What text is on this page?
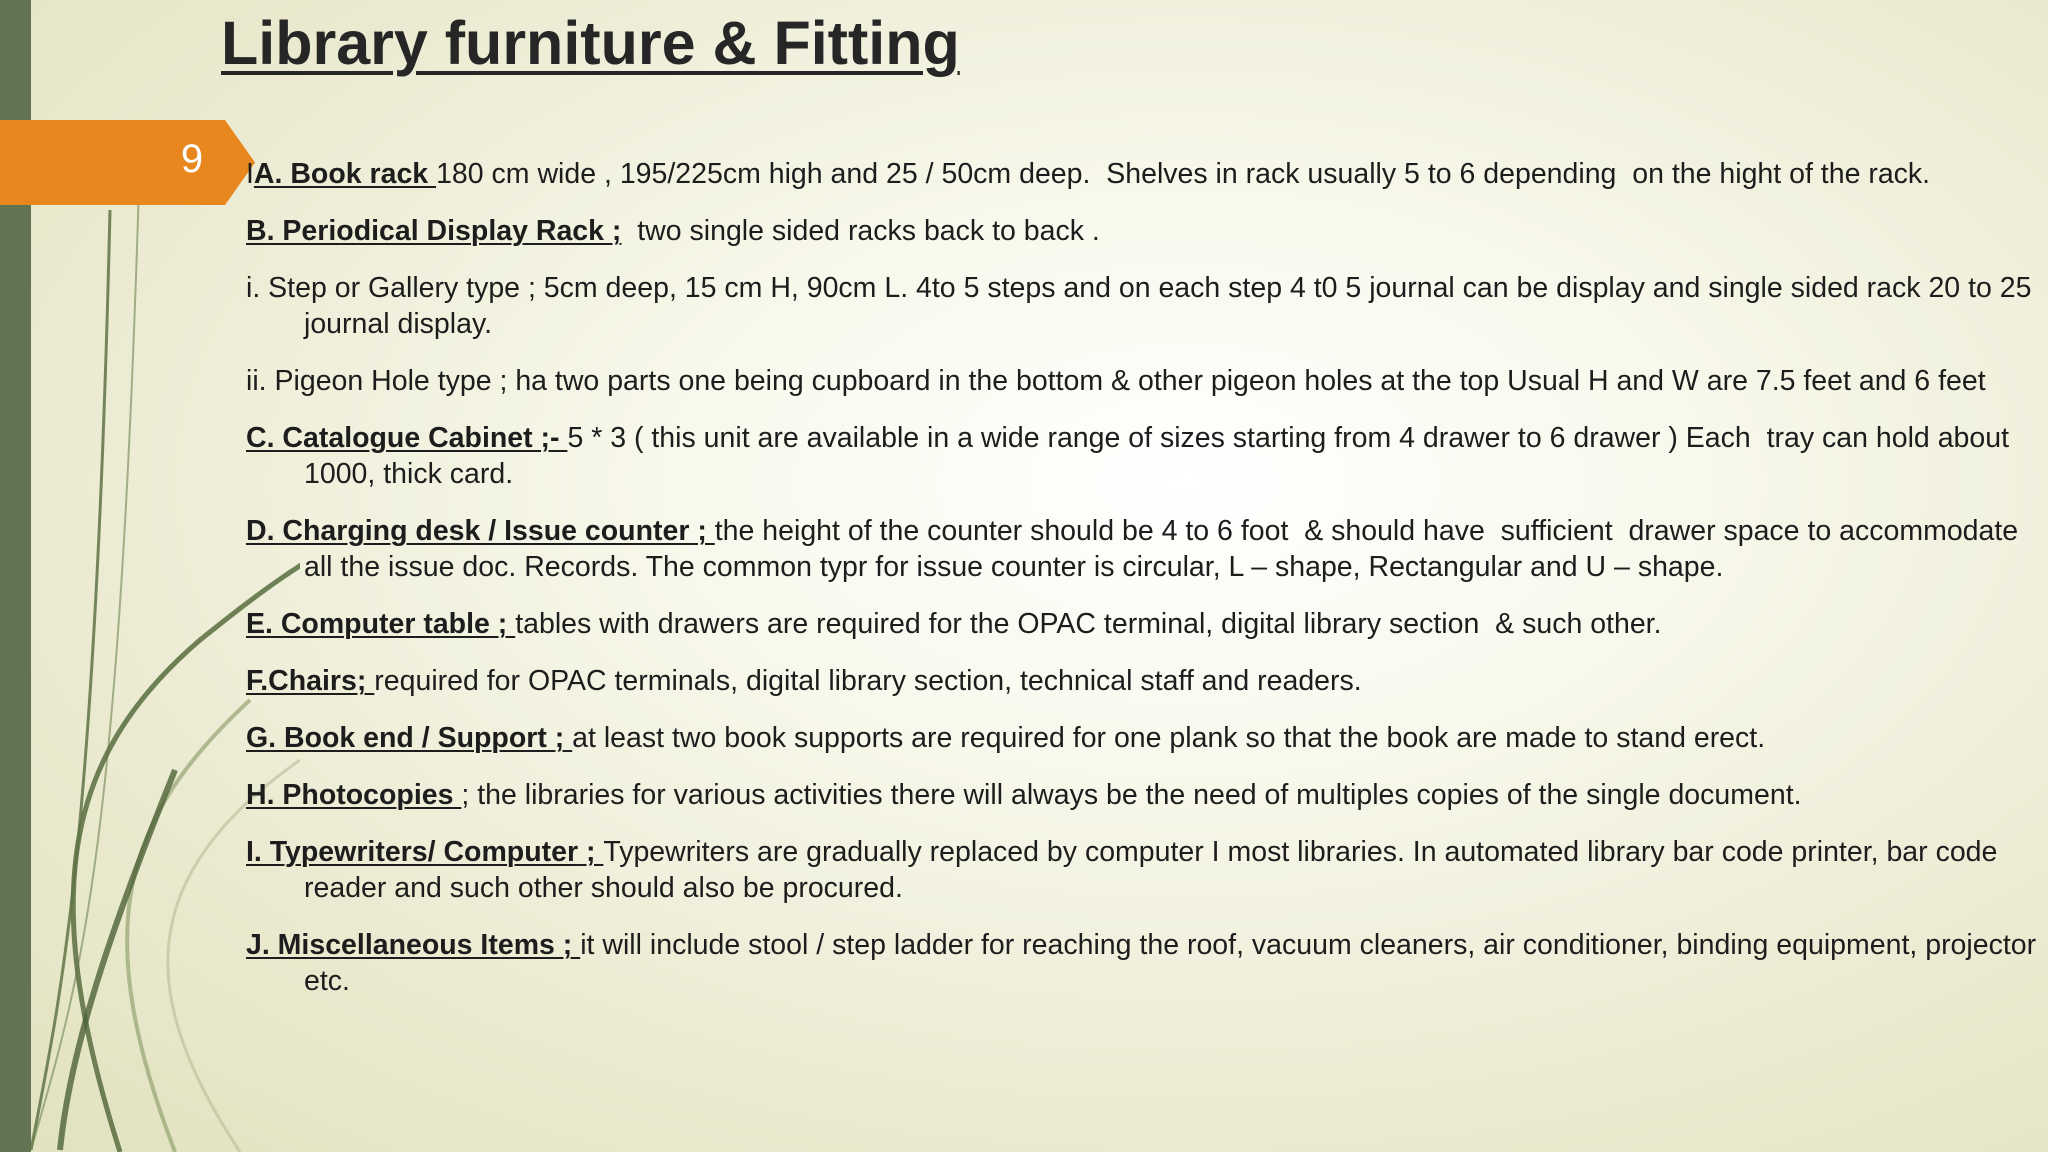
Library furniture & Fitting
9	IA. Book rack 180 cm wide , 195/225cm high and 25 / 50cm deep.  Shelves in rack usually 5 to 6 depending  on the hight of the rack.

B. Periodical Display Rack ;  two single sided racks back to back .

i. Step or Gallery type ; 5cm deep, 15 cm H, 90cm L. 4to 5 steps and on each step 4 t0 5 journal can be display and single sided rack 20 to 25 journal display.

ii. Pigeon Hole type ; ha two parts one being cupboard in the bottom & other pigeon holes at the top Usual H and W are 7.5 feet and 6 feet

C. Catalogue Cabinet ;- 5 * 3 ( this unit are available in a wide range of sizes starting from 4 drawer to 6 drawer ) Each  tray can hold about 1000, thick card.

D. Charging desk / Issue counter ; the height of the counter should be 4 to 6 foot  & should have  sufficient  drawer space to accommodate all the issue doc. Records. The common typr for issue counter is circular, L – shape, Rectangular and U – shape.

E. Computer table ; tables with drawers are required for the OPAC terminal, digital library section  & such other.

F.Chairs; required for OPAC terminals, digital library section, technical staff and readers.

G. Book end / Support ; at least two book supports are required for one plank so that the book are made to stand erect.

H. Photocopies ; the libraries for various activities there will always be the need of multiples copies of the single document.

I. Typewriters/ Computer ; Typewriters are gradually replaced by computer I most libraries. In automated library bar code printer, bar code reader and such other should also be procured.

J. Miscellaneous Items ; it will include stool / step ladder for reaching the roof, vacuum cleaners, air conditioner, binding equipment, projector etc.
